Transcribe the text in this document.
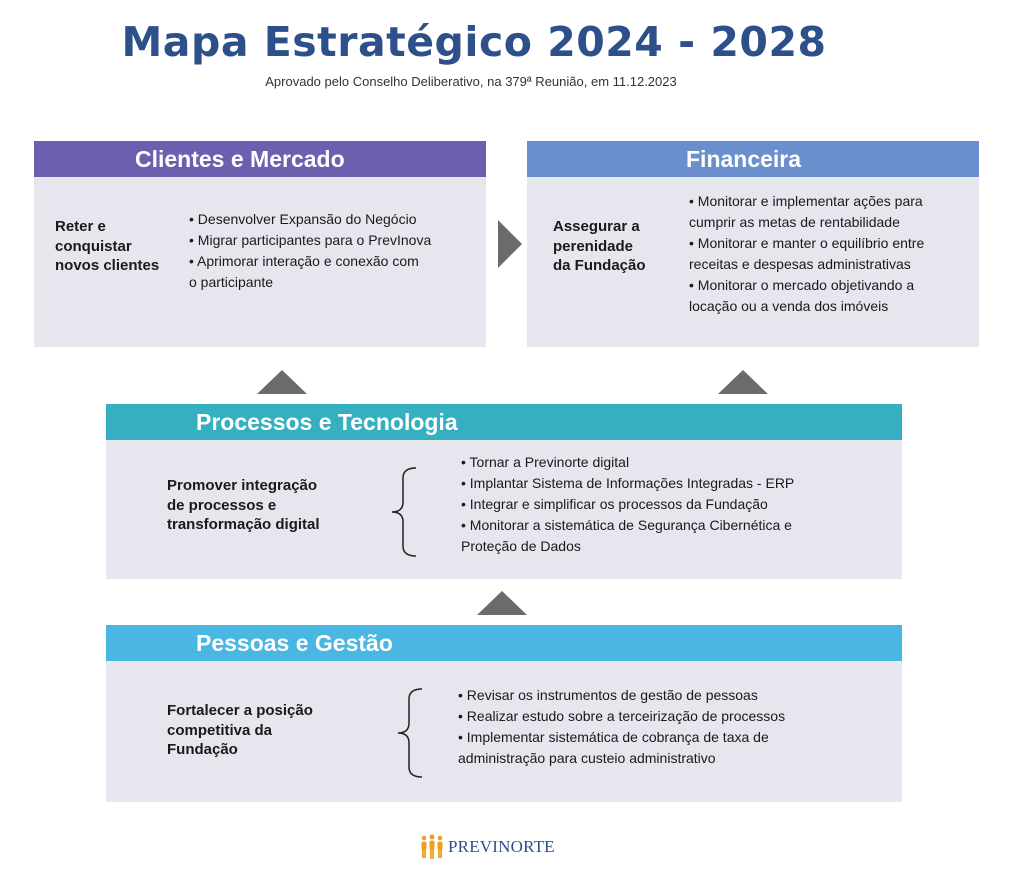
Mapa Estratégico 2024 - 2028
Aprovado pelo Conselho Deliberativo, na 379ª Reunião, em 11.12.2023
Clientes e Mercado
Reter e
conquistar
novos clientes
• Desenvolver Expansão do Negócio
• Migrar participantes para o PrevInova
• Aprimorar interação e conexão com
o participante
Financeira
Assegurar a
perenidade
da Fundação
• Monitorar e implementar ações para
cumprir as metas de rentabilidade
• Monitorar e manter o equilíbrio entre
receitas e despesas administrativas
• Monitorar o mercado objetivando a
locação ou a venda dos imóveis
Processos e Tecnologia
Promover integração
de processos e
transformação digital
• Tornar a Previnorte digital
• Implantar Sistema de Informações Integradas - ERP
• Integrar e simplificar os processos da Fundação
• Monitorar a sistemática de Segurança Cibernética e
Proteção de Dados
Pessoas e Gestão
Fortalecer a posição
competitiva da
Fundação
• Revisar os instrumentos de gestão de pessoas
• Realizar estudo sobre a terceirização de processos
• Implementar sistemática de cobrança de taxa de
administração para custeio administrativo
PREVINORTE
